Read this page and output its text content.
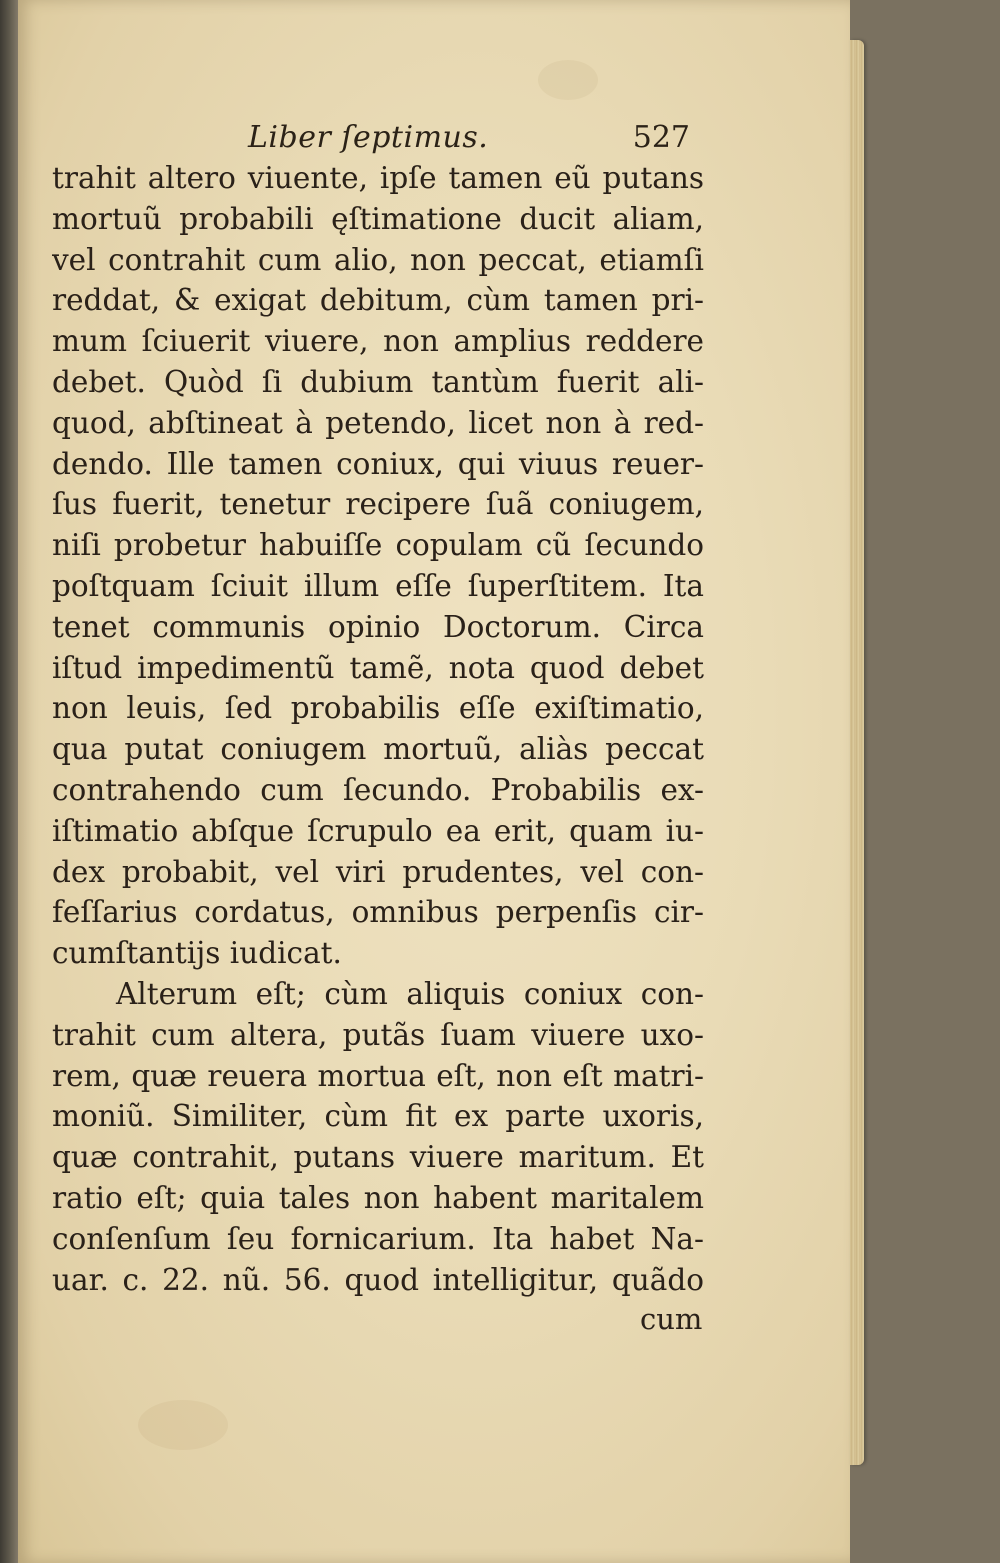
Liber ſeptimus.	527
trahit altero viuente, ipſe tamen eũ putans
mortuũ probabili ęſtimatione ducit aliam,
vel contrahit cum alio, non peccat, etiamſi
reddat, & exigat debitum, cùm tamen pri-
mum ſciuerit viuere, non amplius reddere
debet. Quòd ſi dubium tantùm fuerit ali-
quod, abſtineat à petendo, licet non à red-
dendo. Ille tamen coniux, qui viuus reuer-
ſus fuerit, tenetur recipere ſuã coniugem,
niſi probetur habuiſſe copulam cũ ſecundo
poſtquam ſciuit illum eſſe ſuperſtitem. Ita
tenet communis opinio Doctorum. Circa
iſtud impedimentũ tamẽ, nota quod debet
non leuis, ſed probabilis eſſe exiſtimatio,
qua putat coniugem mortuũ, aliàs peccat
contrahendo cum ſecundo. Probabilis ex-
iſtimatio abſque ſcrupulo ea erit, quam iu-
dex probabit, vel viri prudentes, vel con-
feſſarius cordatus, omnibus perpenſis cir-
cumſtantijs iudicat.
Alterum eſt; cùm aliquis coniux con-
trahit cum altera, putãs ſuam viuere uxo-
rem, quæ reuera mortua eſt, non eſt matri-
moniũ. Similiter, cùm fit ex parte uxoris,
quæ contrahit, putans viuere maritum. Et
ratio eſt; quia tales non habent maritalem
conſenſum ſeu fornicarium. Ita habet Na-
uar. c. 22. nũ. 56. quod intelligitur, quãdo
cum
